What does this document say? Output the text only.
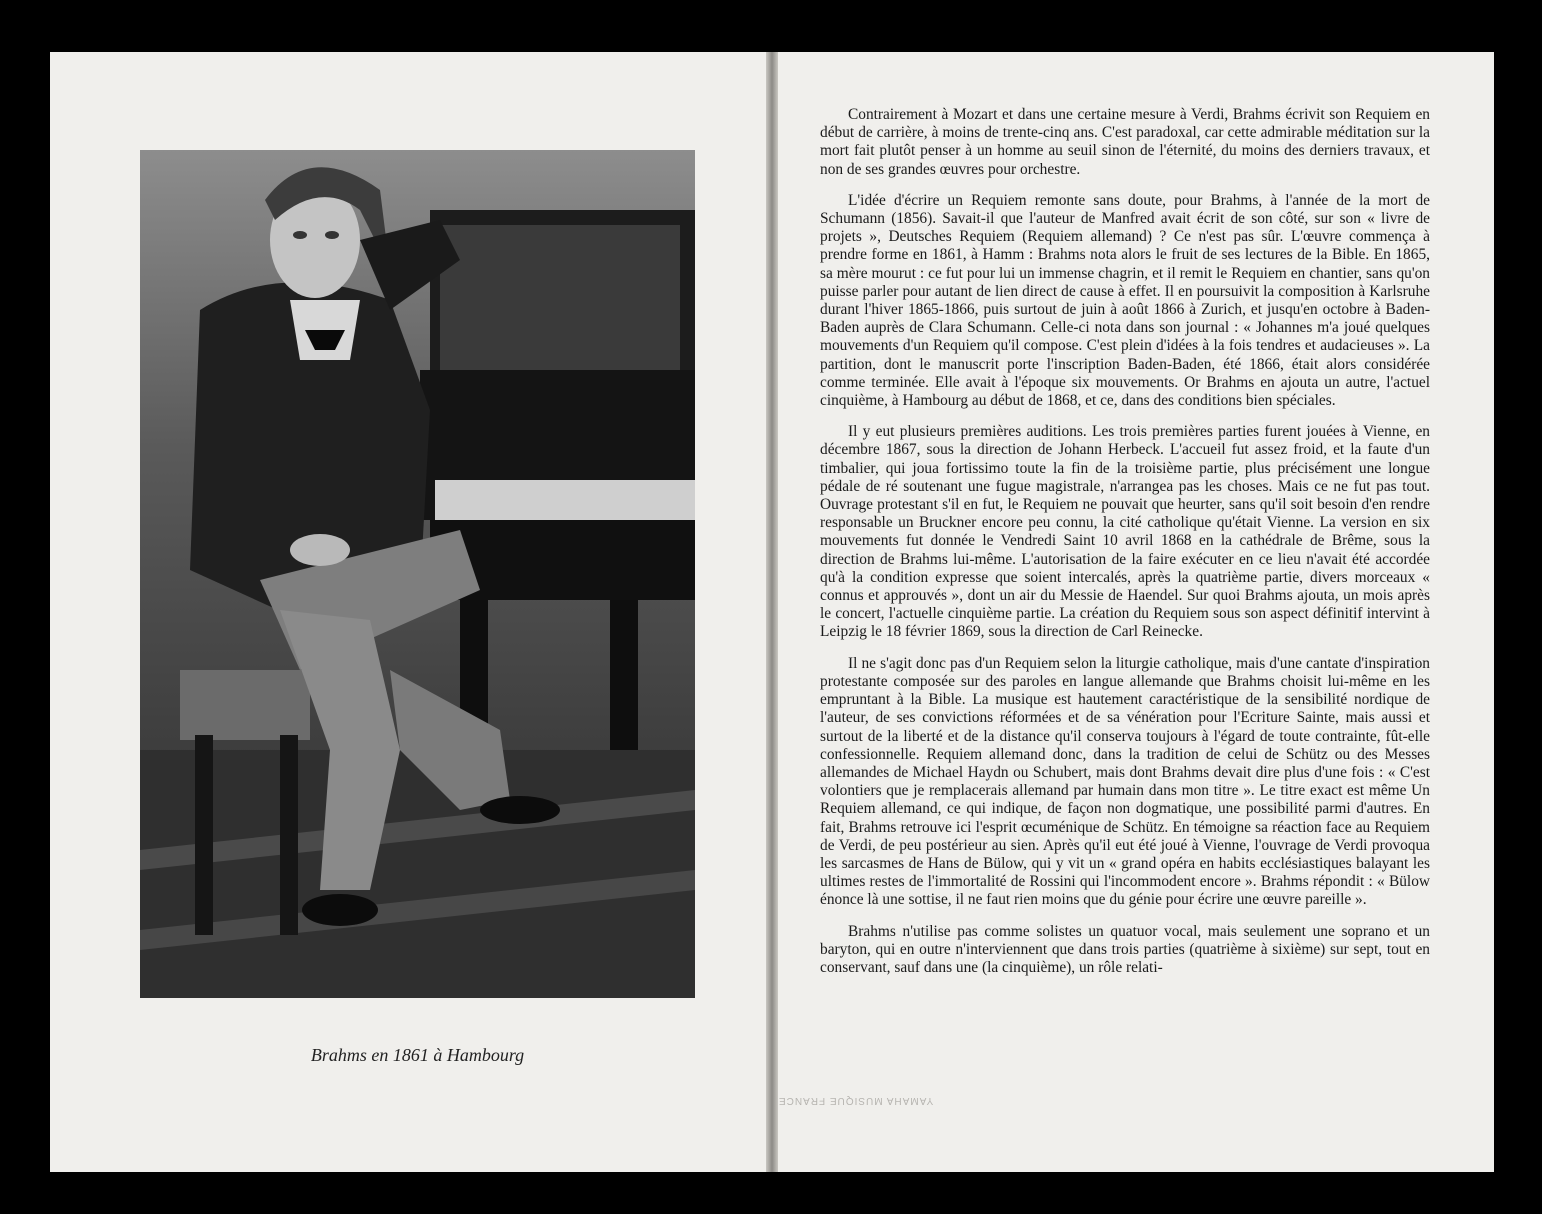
Brahms en 1861 à Hambourg

Contrairement à Mozart et dans une certaine mesure à Verdi, Brahms écrivit son Requiem en début de carrière, à moins de trente-cinq ans. C'est paradoxal, car cette admirable méditation sur la mort fait plutôt penser à un homme au seuil sinon de l'éternité, du moins des derniers travaux, et non de ses grandes œuvres pour orchestre.

L'idée d'écrire un Requiem remonte sans doute, pour Brahms, à l'année de la mort de Schumann (1856). Savait-il que l'auteur de Manfred avait écrit de son côté, sur son « livre de projets », Deutsches Requiem (Requiem allemand) ? Ce n'est pas sûr. L'œuvre commença à prendre forme en 1861, à Hamm : Brahms nota alors le fruit de ses lectures de la Bible. En 1865, sa mère mourut : ce fut pour lui un immense chagrin, et il remit le Requiem en chantier, sans qu'on puisse parler pour autant de lien direct de cause à effet. Il en poursuivit la composition à Karlsruhe durant l'hiver 1865-1866, puis surtout de juin à août 1866 à Zurich, et jusqu'en octobre à Baden-Baden auprès de Clara Schumann. Celle-ci nota dans son journal : « Johannes m'a joué quelques mouvements d'un Requiem qu'il compose. C'est plein d'idées à la fois tendres et audacieuses ». La partition, dont le manuscrit porte l'inscription Baden-Baden, été 1866, était alors considérée comme terminée. Elle avait à l'époque six mouvements. Or Brahms en ajouta un autre, l'actuel cinquième, à Hambourg au début de 1868, et ce, dans des conditions bien spéciales.

Il y eut plusieurs premières auditions. Les trois premières parties furent jouées à Vienne, en décembre 1867, sous la direction de Johann Herbeck. L'accueil fut assez froid, et la faute d'un timbalier, qui joua fortissimo toute la fin de la troisième partie, plus précisément une longue pédale de ré soutenant une fugue magistrale, n'arrangea pas les choses. Mais ce ne fut pas tout. Ouvrage protestant s'il en fut, le Requiem ne pouvait que heurter, sans qu'il soit besoin d'en rendre responsable un Bruckner encore peu connu, la cité catholique qu'était Vienne. La version en six mouvements fut donnée le Vendredi Saint 10 avril 1868 en la cathédrale de Brême, sous la direction de Brahms lui-même. L'autorisation de la faire exécuter en ce lieu n'avait été accordée qu'à la condition expresse que soient intercalés, après la quatrième partie, divers morceaux « connus et approuvés », dont un air du Messie de Haendel. Sur quoi Brahms ajouta, un mois après le concert, l'actuelle cinquième partie. La création du Requiem sous son aspect définitif intervint à Leipzig le 18 février 1869, sous la direction de Carl Reinecke.

Il ne s'agit donc pas d'un Requiem selon la liturgie catholique, mais d'une cantate d'inspiration protestante composée sur des paroles en langue allemande que Brahms choisit lui-même en les empruntant à la Bible. La musique est hautement caractéristique de la sensibilité nordique de l'auteur, de ses convictions réformées et de sa vénération pour l'Ecriture Sainte, mais aussi et surtout de la liberté et de la distance qu'il conserva toujours à l'égard de toute contrainte, fût-elle confessionnelle. Requiem allemand donc, dans la tradition de celui de Schütz ou des Messes allemandes de Michael Haydn ou Schubert, mais dont Brahms devait dire plus d'une fois : « C'est volontiers que je remplacerais allemand par humain dans mon titre ». Le titre exact est même Un Requiem allemand, ce qui indique, de façon non dogmatique, une possibilité parmi d'autres. En fait, Brahms retrouve ici l'esprit œcuménique de Schütz. En témoigne sa réaction face au Requiem de Verdi, de peu postérieur au sien. Après qu'il eut été joué à Vienne, l'ouvrage de Verdi provoqua les sarcasmes de Hans de Bülow, qui y vit un « grand opéra en habits ecclésiastiques balayant les ultimes restes de l'immortalité de Rossini qui l'incommodent encore ». Brahms répondit : « Bülow énonce là une sottise, il ne faut rien moins que du génie pour écrire une œuvre pareille ».

Brahms n'utilise pas comme solistes un quatuor vocal, mais seulement une soprano et un baryton, qui en outre n'interviennent que dans trois parties (quatrième à sixième) sur sept, tout en conservant, sauf dans une (la cinquième), un rôle relati-

YAMAHA MUSIQUE FRANCE
